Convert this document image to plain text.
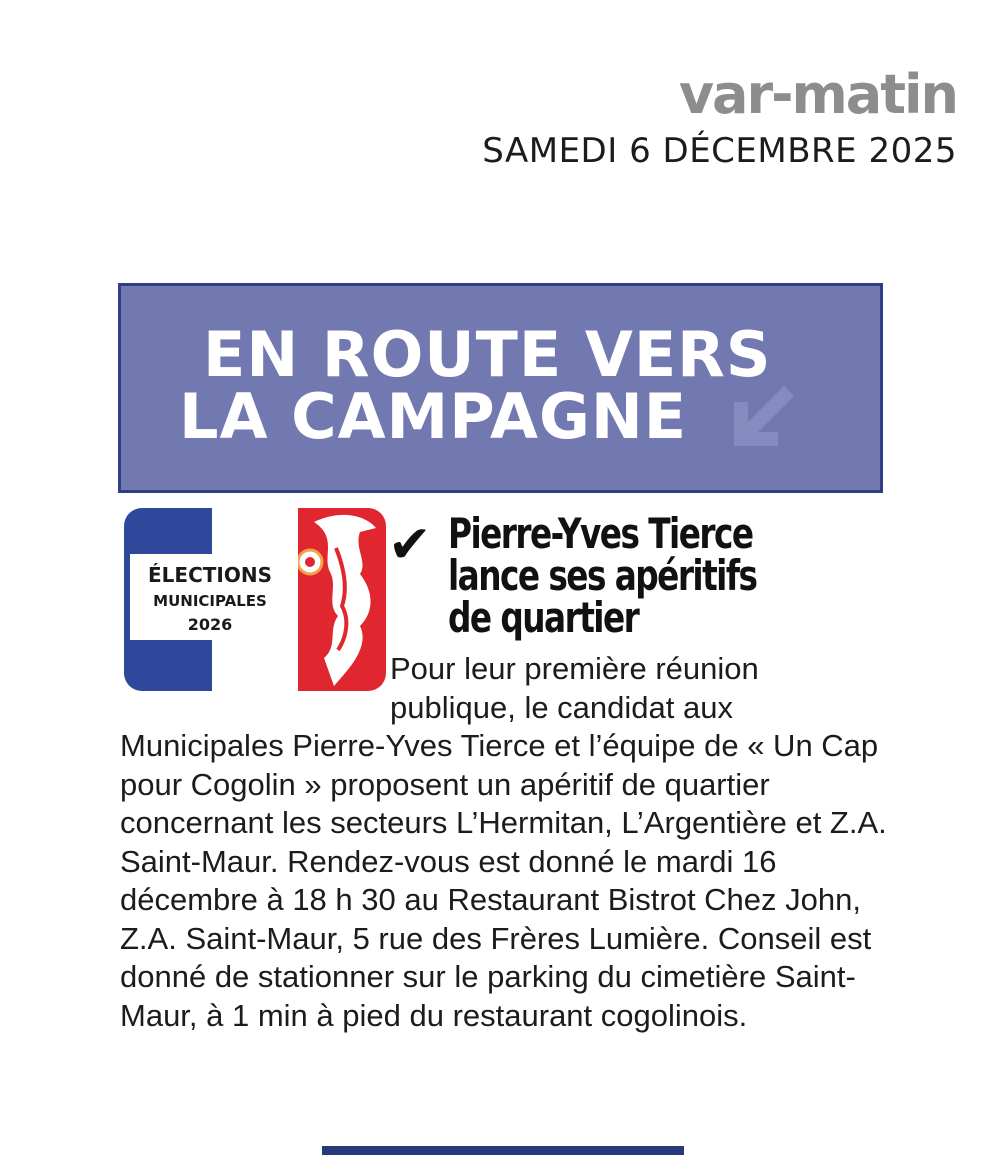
var-matin
SAMEDI 6 DÉCEMBRE 2025
EN ROUTE VERS
LA CAMPAGNE
ÉLECTIONS
MUNICIPALES
2026
✔ Pierre-Yves Tierce
lance ses apéritifs
de quartier

Pour leur première réunion publique, le candidat aux Municipales Pierre-Yves Tierce et l’équipe de « Un Cap pour Cogolin » proposent un apéritif de quartier concernant les secteurs L’Hermitan, L’Argentière et Z.A. Saint-Maur. Rendez-vous est donné le mardi 16 décembre à 18 h 30 au Restaurant Bistrot Chez John, Z.A. Saint-Maur, 5 rue des Frères Lumière. Conseil est donné de stationner sur le parking du cimetière Saint-Maur, à 1 min à pied du restaurant cogolinois.
